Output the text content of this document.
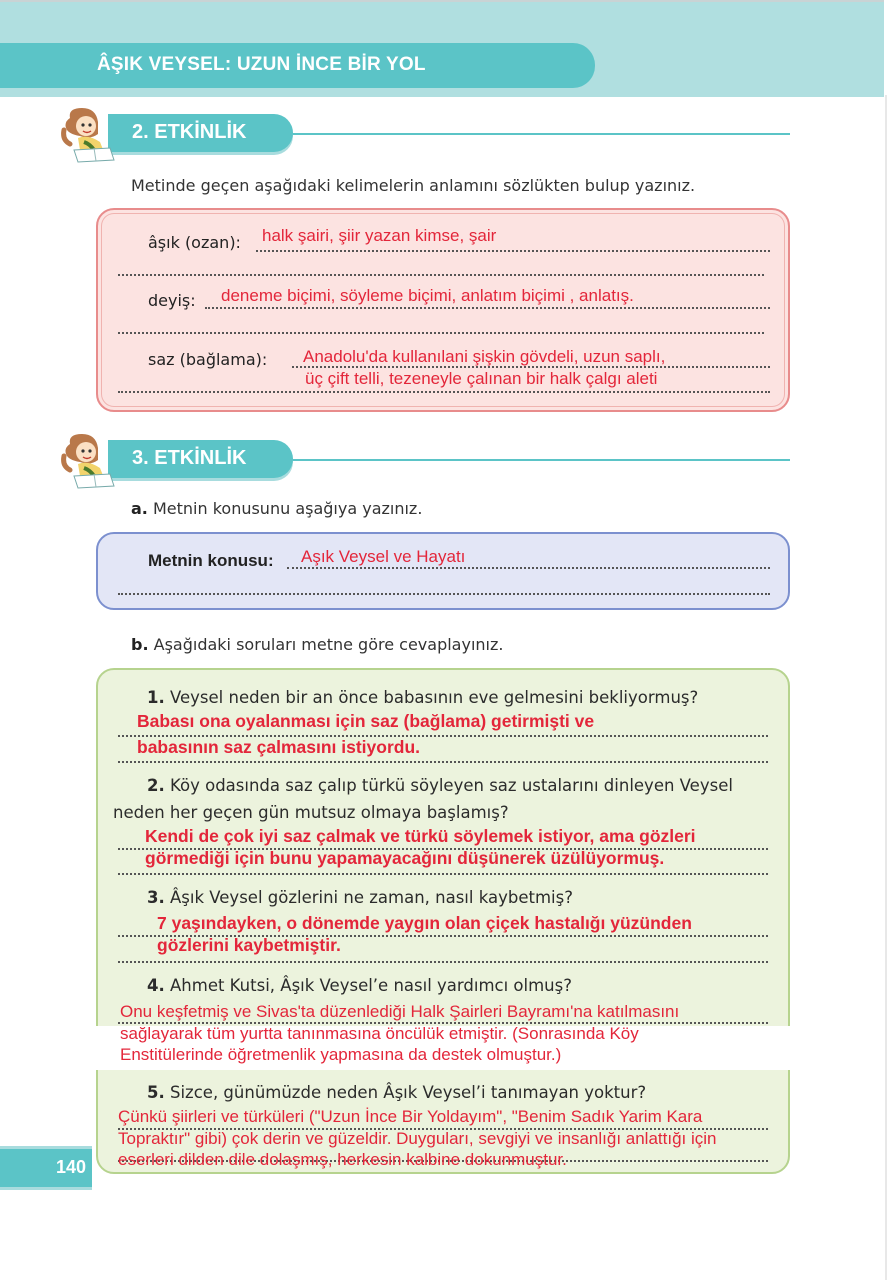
ÂŞIK VEYSEL: UZUN İNCE BİR YOL
2. ETKİNLİK
Metinde geçen aşağıdaki kelimelerin anlamını sözlükten bulup yazınız.
âşık (ozan): halk şairi, şiir yazan kimse, şair
deyiş: deneme biçimi, söyleme biçimi, anlatım biçimi , anlatış.
saz (bağlama): Anadolu'da kullanılani şişkin gövdeli, uzun saplı,
üç çift telli, tezeneyle çalınan bir halk çalgı aleti
3. ETKİNLİK
a. Metnin konusunu aşağıya yazınız.
Metnin konusu: Aşık Veysel ve Hayatı
b. Aşağıdaki soruları metne göre cevaplayınız.
1. Veysel neden bir an önce babasının eve gelmesini bekliyormuş?
Babası ona oyalanması için saz (bağlama) getirmişti ve
babasının saz çalmasını istiyordu.
2. Köy odasında saz çalıp türkü söyleyen saz ustalarını dinleyen Veysel
neden her geçen gün mutsuz olmaya başlamış?
Kendi de çok iyi saz çalmak ve türkü söylemek istiyor, ama gözleri
görmediği için bunu yapamayacağını düşünerek üzülüyormuş.
3. Âşık Veysel gözlerini ne zaman, nasıl kaybetmiş?
7 yaşındayken, o dönemde yaygın olan çiçek hastalığı yüzünden
gözlerini kaybetmiştir.
4. Ahmet Kutsi, Âşık Veysel’e nasıl yardımcı olmuş?
Onu keşfetmiş ve Sivas'ta düzenlediği Halk Şairleri Bayramı'na katılmasını
sağlayarak tüm yurtta tanınmasına öncülük etmiştir. (Sonrasında Köy
Enstitülerinde öğretmenlik yapmasına da destek olmuştur.)
5. Sizce, günümüzde neden Âşık Veysel’i tanımayan yoktur?
Çünkü şiirleri ve türküleri ("Uzun İnce Bir Yoldayım", "Benim Sadık Yarim Kara
Topraktır" gibi) çok derin ve güzeldir. Duyguları, sevgiyi ve insanlığı anlattığı için
eserleri dilden dile dolaşmış, herkesin kalbine dokunmuştur.
140
